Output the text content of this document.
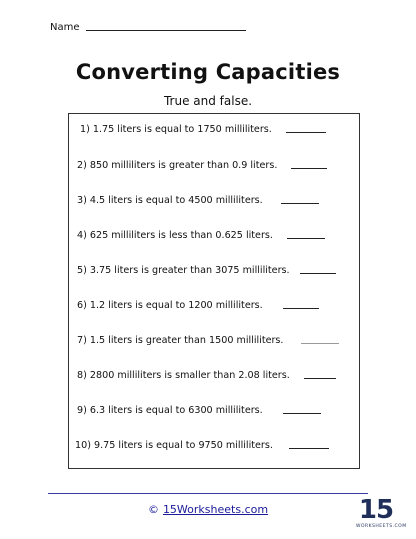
Name
Converting Capacities
True and false.
1) 1.75 liters is equal to 1750 milliliters.
2) 850 milliliters is greater than 0.9 liters.
3) 4.5 liters is equal to 4500 milliliters.
4) 625 milliliters is less than 0.625 liters.
5) 3.75 liters is greater than 3075 milliliters.
6) 1.2 liters is equal to 1200 milliliters.
7) 1.5 liters is greater than 1500 milliliters.
8) 2800 milliliters is smaller than 2.08 liters.
9) 6.3 liters is equal to 6300 milliliters.
10) 9.75 liters is equal to 9750 milliliters.
© 15Worksheets.com	15
WORKSHEETS.COM
